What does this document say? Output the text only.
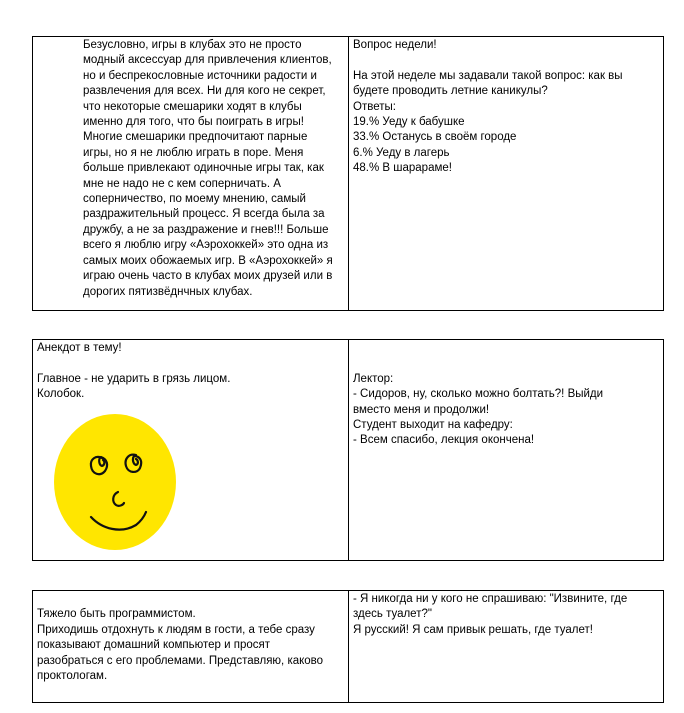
Безусловно, игры в клубах это не просто
модный аксессуар для привлечения клиентов,
но и беспрекословные источники радости и
развлечения для всех. Ни для кого не секрет,
что некоторые смешарики ходят в клубы
именно для того, что бы поиграть в игры!
Многие смешарики предпочитают парные
игры, но я не люблю играть в поре. Меня
больше привлекают одиночные игры так, как
мне не надо не с кем соперничать. А
соперничество, по моему мнению, самый
раздражительный процесс. Я всегда была за
дружбу, а не за раздражение и гнев!!! Больше
всего я люблю игру «Аэрохоккей» это одна из
самых моих обожаемых игр. В «Аэрохоккей» я
играю очень часто в клубах моих друзей или в
дорогих пятизвёднчных клубах.
Вопрос недели!
На этой неделе мы задавали такой вопрос: как вы
будете проводить летние каникулы?
Ответы:
19.% Уеду к бабушке
33.% Останусь в своём городе
6.% Уеду в лагерь
48.% В шарараме!
Анекдот в тему!
Главное - не ударить в грязь лицом.
Колобок.
Лектор:
- Сидоров, ну, сколько можно болтать?! Выйди
вместо меня и продолжи!
Студент выходит на кафедру:
- Всем спасибо, лекция окончена!
Тяжело быть программистом.
Приходишь отдохнуть к людям в гости, а тебе сразу
показывают домашний компьютер и просят
разобраться с его проблемами. Представляю, каково
проктологам.
- Я никогда ни у кого не спрашиваю: "Извините, где
здесь туалет?"
Я русский! Я сам привык решать, где туалет!
